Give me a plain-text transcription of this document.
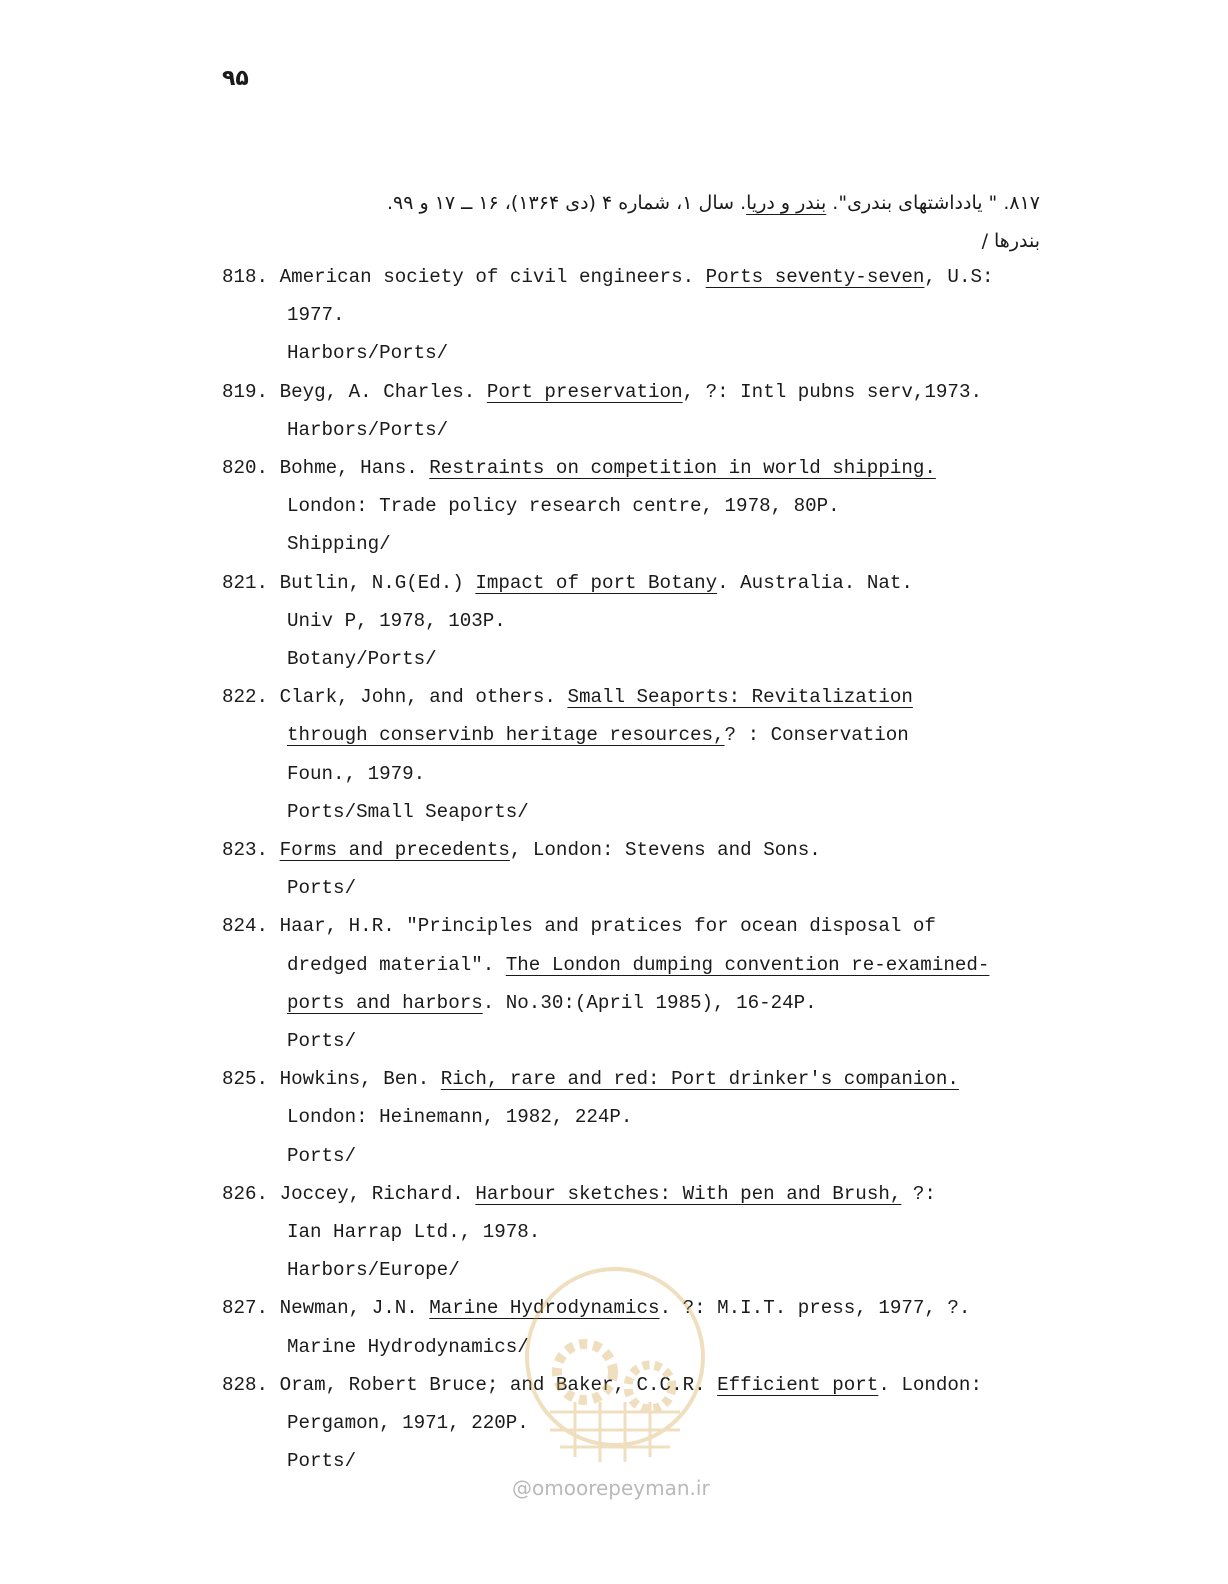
۹۵
۸۱۷. " یادداشتهای بندری". بندر و دریا. سال ۱، شماره ۴ (دی ۱۳۶۴)، ۱۶ ــ ۱۷ و ۹۹.
بندرها /
818. American society of civil engineers. Ports seventy-seven, U.S:
1977.
Harbors/Ports/
819. Beyg, A. Charles. Port preservation, ?: Intl pubns serv,1973.
Harbors/Ports/
820. Bohme, Hans. Restraints on competition in world shipping.
London: Trade policy research centre, 1978, 80P.
Shipping/
821. Butlin, N.G(Ed.) Impact of port Botany. Australia. Nat.
Univ P, 1978, 103P.
Botany/Ports/
822. Clark, John, and others. Small Seaports: Revitalization
through conservinb heritage resources,? : Conservation
Foun., 1979.
Ports/Small Seaports/
823. Forms and precedents, London: Stevens and Sons.
Ports/
824. Haar, H.R. "Principles and pratices for ocean disposal of
dredged material". The London dumping convention re-examined-
ports and harbors. No.30:(April 1985), 16-24P.
Ports/
825. Howkins, Ben. Rich, rare and red: Port drinker's companion.
London: Heinemann, 1982, 224P.
Ports/
826. Joccey, Richard. Harbour sketches: With pen and Brush, ?:
Ian Harrap Ltd., 1978.
Harbors/Europe/
827. Newman, J.N. Marine Hydrodynamics. ?: M.I.T. press, 1977, ?.
Marine Hydrodynamics/
828. Oram, Robert Bruce; and Baker, C.C.R. Efficient port. London:
Pergamon, 1971, 220P.
Ports/
@omoorepeyman.ir
